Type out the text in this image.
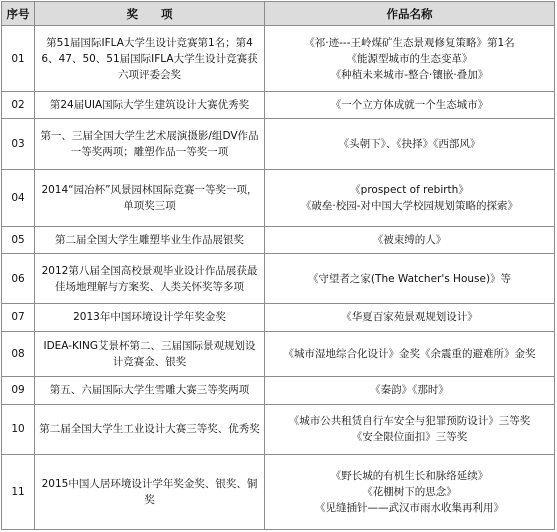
序号	奖　　项	作品名称
01	第51届国际IFLA大学生设计竞赛第1名；第46、47、50、51届国际IFLA大学生设计竞赛获六项评委会奖	《祁·迹---王岭煤矿生态景观修复策略》第1名
《能源型城市的生态变革》
《种植未来城市-整合·镶嵌·叠加》

02	第24届UIA国际大学生建筑设计大赛优秀奖	《一个立方体成就一个生态城市》

03	第一、三届全国大学生艺术展演摄影/组DV作品一等奖两项；雕塑作品一等奖一项	《头朝下》、《抉择》《西部风》

04	2014“园冶杯”风景园林国际竞赛一等奖一项，单项奖三项	《prospect of rebirth》
《破垒·校园-对中国大学校园规划策略的探索》

05	第二届全国大学生雕塑毕业生作品展银奖	《被束缚的人》

06	2012第八届全国高校景观毕业设计作品展获最佳场地理解与方案奖、人类关怀奖等多项	《守望者之家(The Watcher's House)》等

07	2013年中国环境设计学年奖金奖	《华夏百家苑景观规划设计》

08	IDEA-KING艾景杯第二、三届国际景观规划设计竞赛金、银奖	《城市湿地综合化设计》金奖《余震重的避难所》金奖

09	第五、六届国际大学生雪雕大赛三等奖两项	《秦韵》《那时》

10	第二届全国大学生工业设计大赛三等奖、优秀奖	《城市公共租赁自行车安全与犯罪预防设计》三等奖
《安全限位面扣》三等奖

11	2015中国人居环境设计学年奖金奖、银奖、铜奖	《野长城的有机生长和脉络延续》
《花棚树下的思念》
《见缝插针——武汉市雨水收集再利用》
